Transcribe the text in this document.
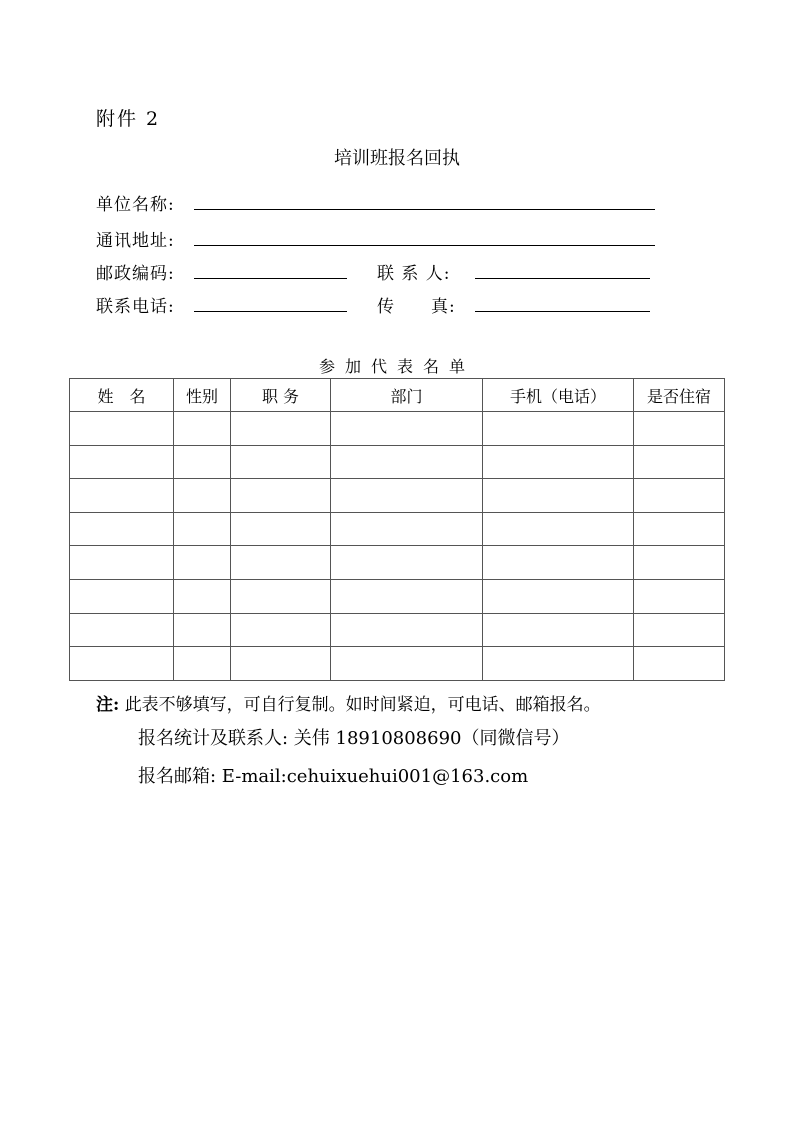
附件 2
培训班报名回执
单位名称:
通讯地址:
邮政编码:	联 系 人:
联系电话:	传　　真:
参加代表名单
姓　名	性别	职 务	部门	手机（电话）	是否住宿

注: 此表不够填写，可自行复制。如时间紧迫，可电话、邮箱报名。
报名统计及联系人: 关伟 18910808690（同微信号）
报名邮箱: E-mail:cehuixuehui001@163.com
